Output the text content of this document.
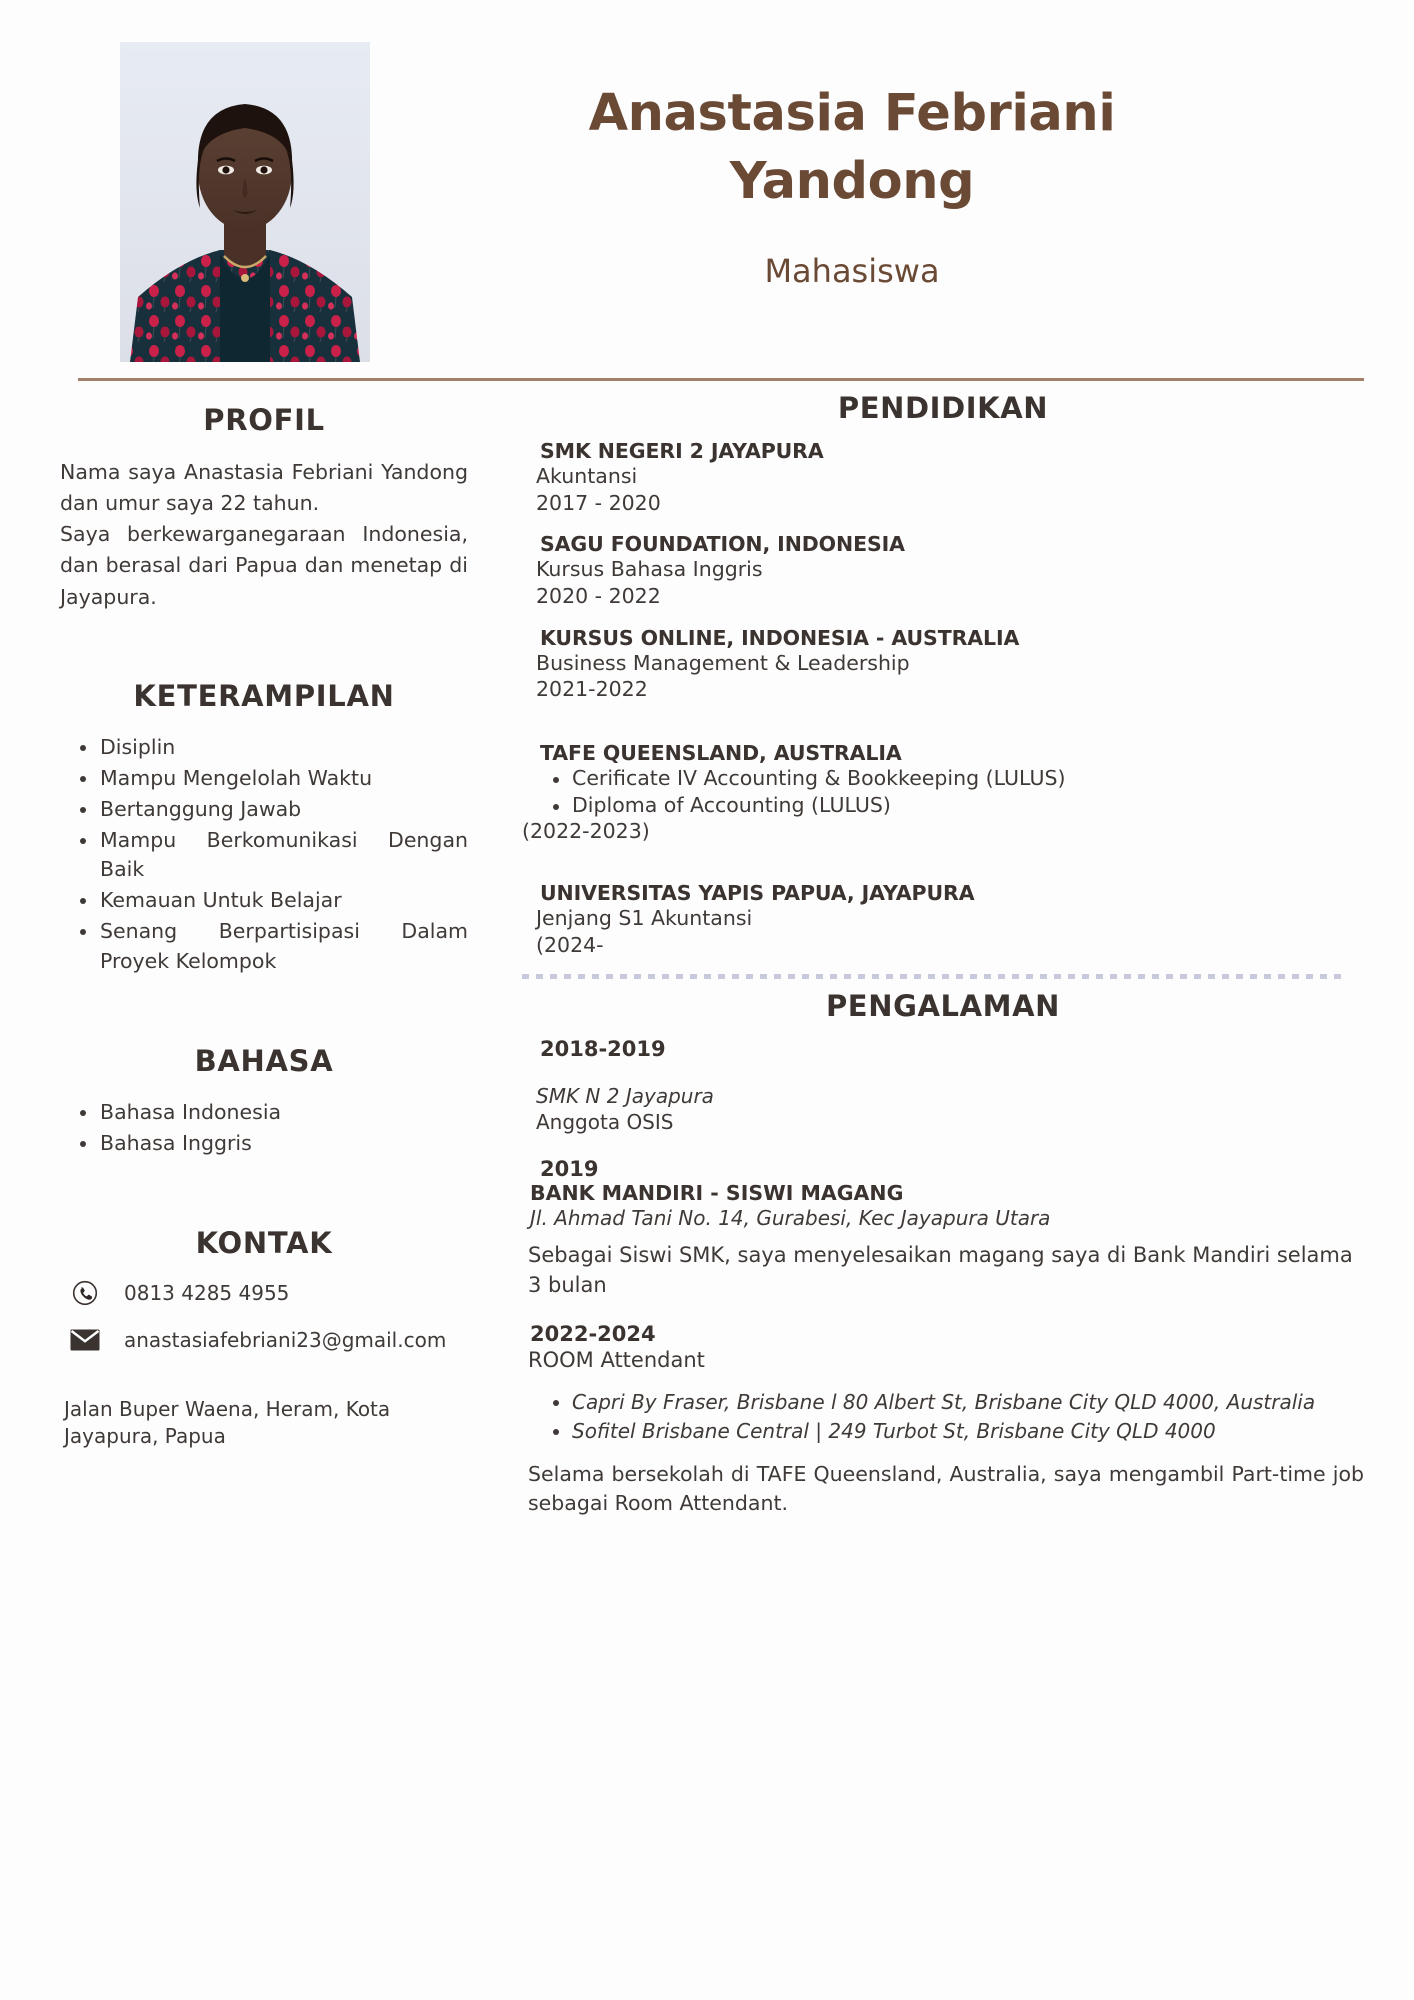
Anastasia Febriani
Yandong
Mahasiswa
PROFIL
Nama saya Anastasia Febriani Yandong dan umur saya 22 tahun.
Saya berkewarganegaraan Indonesia, dan berasal dari Papua dan menetap di Jayapura.
KETERAMPILAN
Disiplin
Mampu Mengelolah Waktu
Bertanggung Jawab
Mampu Berkomunikasi Dengan Baik
Kemauan Untuk Belajar
Senang Berpartisipasi Dalam Proyek Kelompok
BAHASA
Bahasa Indonesia
Bahasa Inggris
KONTAK
0813 4285 4955
anastasiafebriani23@gmail.com
Jalan Buper Waena, Heram, Kota Jayapura, Papua
PENDIDIKAN
SMK NEGERI 2 JAYAPURA
Akuntansi
2017 - 2020
SAGU FOUNDATION, INDONESIA
Kursus Bahasa Inggris
2020 - 2022
KURSUS ONLINE, INDONESIA - AUSTRALIA
Business Management & Leadership
2021-2022
TAFE QUEENSLAND, AUSTRALIA
Cerificate IV Accounting & Bookkeeping (LULUS)
Diploma of Accounting (LULUS)
(2022-2023)
UNIVERSITAS YAPIS PAPUA, JAYAPURA
Jenjang S1 Akuntansi
(2024-
PENGALAMAN
2018-2019
SMK N 2 Jayapura
Anggota OSIS
2019
BANK MANDIRI - SISWI MAGANG
Jl. Ahmad Tani No. 14, Gurabesi, Kec Jayapura Utara
Sebagai Siswi SMK, saya menyelesaikan magang saya di Bank Mandiri selama 3 bulan
2022-2024
ROOM Attendant
Capri By Fraser, Brisbane l 80 Albert St, Brisbane City QLD 4000, Australia
Sofitel Brisbane Central | 249 Turbot St, Brisbane City QLD 4000
Selama bersekolah di TAFE Queensland, Australia, saya mengambil Part-time job sebagai Room Attendant.
